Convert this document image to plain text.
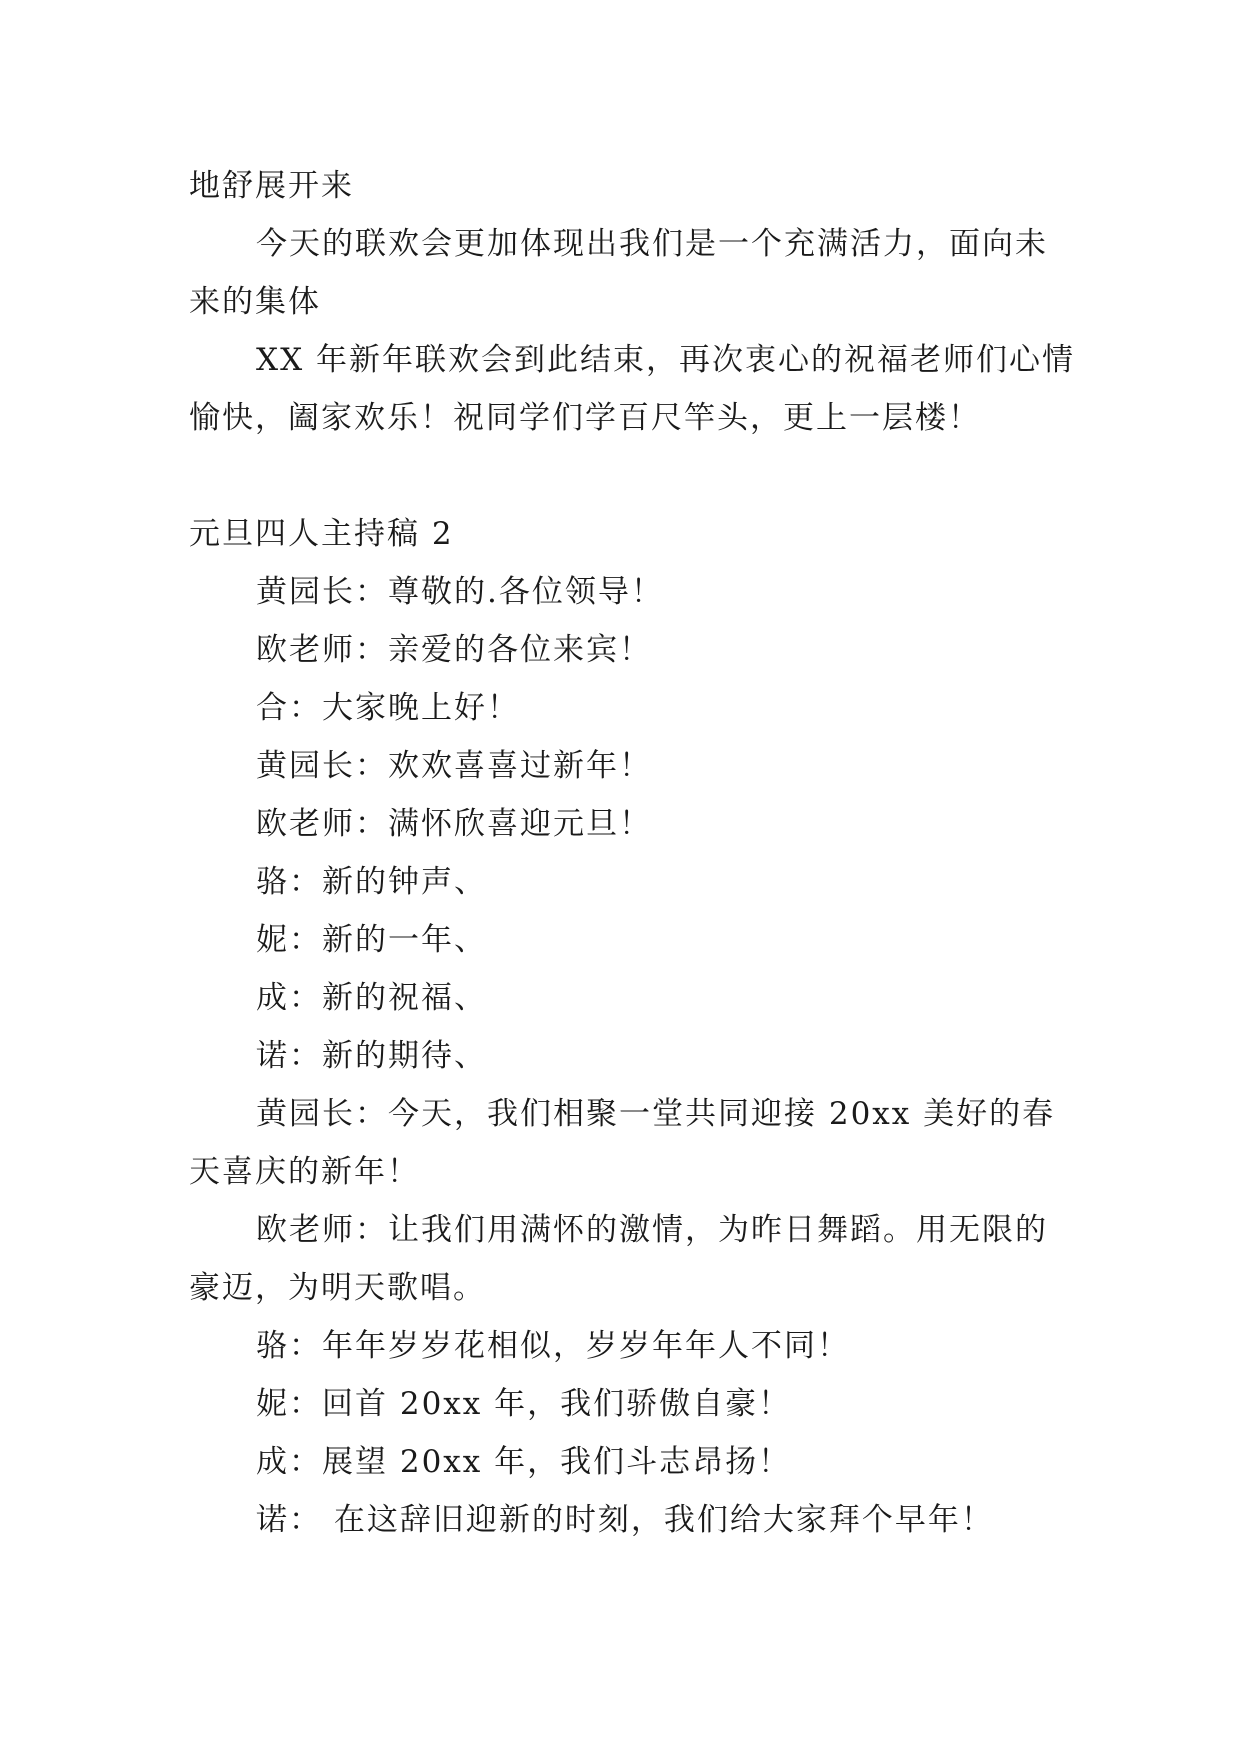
地舒展开来
今天的联欢会更加体现出我们是一个充满活力，面向未
来的集体
XX 年新年联欢会到此结束，再次衷心的祝福老师们心情
愉快，阖家欢乐！祝同学们学百尺竿头，更上一层楼！
元旦四人主持稿 2
黄园长：尊敬的.各位领导！
欧老师：亲爱的各位来宾！
合：大家晚上好！
黄园长：欢欢喜喜过新年！
欧老师：满怀欣喜迎元旦！
骆：新的钟声、
妮：新的一年、
成：新的祝福、
诺：新的期待、
黄园长：今天，我们相聚一堂共同迎接 20xx 美好的春
天喜庆的新年！
欧老师：让我们用满怀的激情，为昨日舞蹈。用无限的
豪迈，为明天歌唱。
骆：年年岁岁花相似，岁岁年年人不同！
妮：回首 20xx 年，我们骄傲自豪！
成：展望 20xx 年，我们斗志昂扬！
诺： 在这辞旧迎新的时刻，我们给大家拜个早年！
